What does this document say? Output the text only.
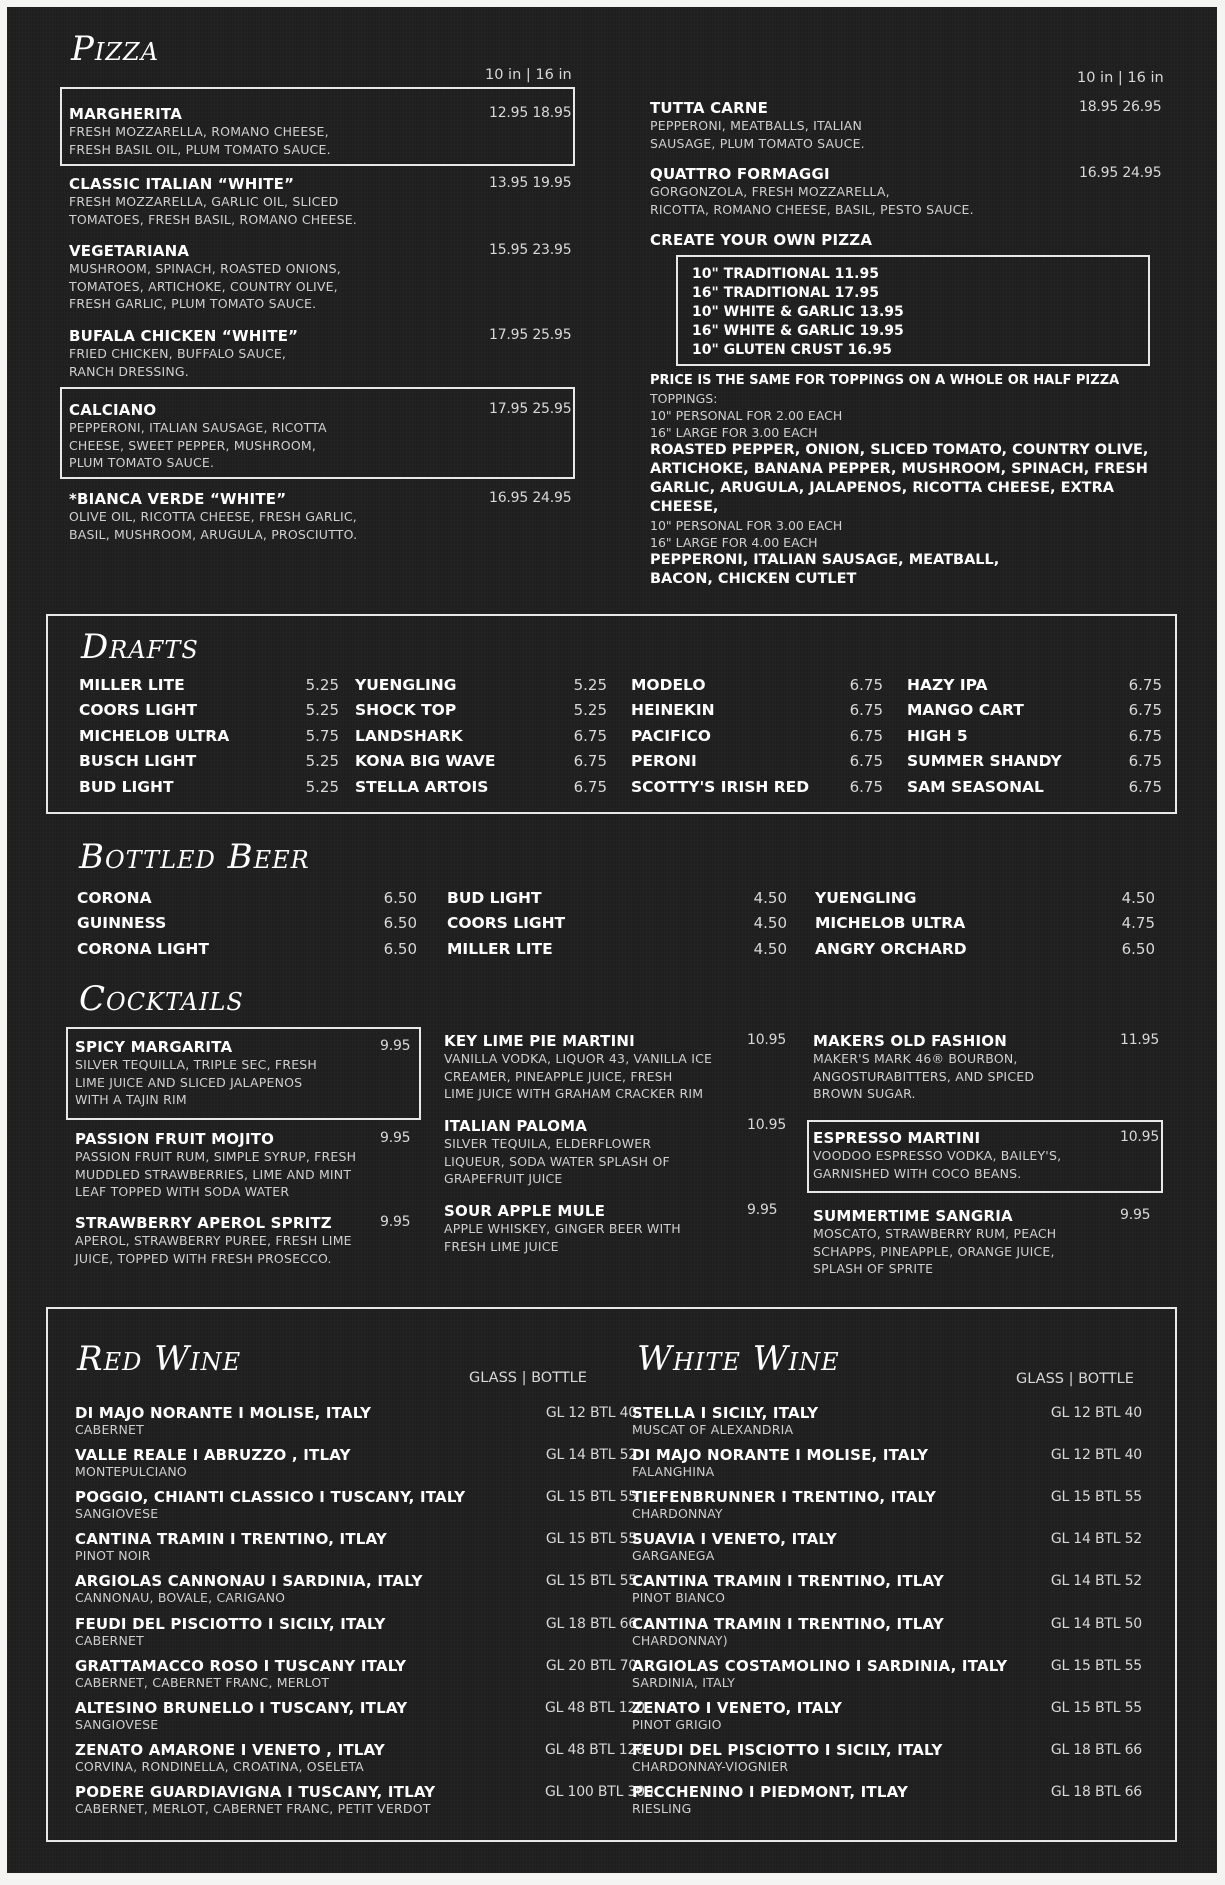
Pizza
10 in | 16 in	10 in | 16 in
MARGHERITA
FRESH MOZZARELLA, ROMANO CHEESE,
FRESH BASIL OIL, PLUM TOMATO SAUCE.
12.95 18.95
CLASSIC ITALIAN “WHITE”
FRESH MOZZARELLA, GARLIC OIL, SLICED
TOMATOES, FRESH BASIL, ROMANO CHEESE.
13.95 19.95
VEGETARIANA
MUSHROOM, SPINACH, ROASTED ONIONS,
TOMATOES, ARTICHOKE, COUNTRY OLIVE,
FRESH GARLIC, PLUM TOMATO SAUCE.
15.95 23.95
BUFALA CHICKEN “WHITE”
FRIED CHICKEN, BUFFALO SAUCE,
RANCH DRESSING.
17.95 25.95
CALCIANO
PEPPERONI, ITALIAN SAUSAGE, RICOTTA
CHEESE, SWEET PEPPER, MUSHROOM,
PLUM TOMATO SAUCE.
17.95 25.95
*BIANCA VERDE “WHITE”
OLIVE OIL, RICOTTA CHEESE, FRESH GARLIC,
BASIL, MUSHROOM, ARUGULA, PROSCIUTTO.
16.95 24.95
TUTTA CARNE
PEPPERONI, MEATBALLS, ITALIAN
SAUSAGE, PLUM TOMATO SAUCE.
18.95 26.95
QUATTRO FORMAGGI
GORGONZOLA, FRESH MOZZARELLA,
RICOTTA, ROMANO CHEESE, BASIL, PESTO SAUCE.
16.95 24.95
CREATE YOUR OWN PIZZA
10" TRADITIONAL 11.95
16" TRADITIONAL 17.95
10" WHITE & GARLIC 13.95
16" WHITE & GARLIC 19.95
10" GLUTEN CRUST 16.95
PRICE IS THE SAME FOR TOPPINGS ON A WHOLE OR HALF PIZZA
TOPPINGS:
10" PERSONAL FOR 2.00 EACH
16" LARGE FOR 3.00 EACH
ROASTED PEPPER, ONION, SLICED TOMATO, COUNTRY OLIVE,
ARTICHOKE, BANANA PEPPER, MUSHROOM, SPINACH, FRESH
GARLIC, ARUGULA, JALAPENOS, RICOTTA CHEESE, EXTRA
CHEESE,
10" PERSONAL FOR 3.00 EACH
16" LARGE FOR 4.00 EACH
PEPPERONI, ITALIAN SAUSAGE, MEATBALL,
BACON, CHICKEN CUTLET
Drafts
MILLER LITE	5.25
COORS LIGHT	5.25
MICHELOB ULTRA	5.75
BUSCH LIGHT	5.25
BUD LIGHT	5.25
YUENGLING	5.25
SHOCK TOP	5.25
LANDSHARK	6.75
KONA BIG WAVE	6.75
STELLA ARTOIS	6.75
MODELO	6.75
HEINEKIN	6.75
PACIFICO	6.75
PERONI	6.75
SCOTTY'S IRISH RED	6.75
HAZY IPA	6.75
MANGO CART	6.75
HIGH 5	6.75
SUMMER SHANDY	6.75
SAM SEASONAL	6.75
Bottled Beer
CORONA	6.50
GUINNESS	6.50
CORONA LIGHT	6.50
BUD LIGHT	4.50
COORS LIGHT	4.50
MILLER LITE	4.50
YUENGLING	4.50
MICHELOB ULTRA	4.75
ANGRY ORCHARD	6.50
Cocktails
SPICY MARGARITA
SILVER TEQUILLA, TRIPLE SEC, FRESH
LIME JUICE AND SLICED JALAPENOS
WITH A TAJIN RIM
9.95
PASSION FRUIT MOJITO
PASSION FRUIT RUM, SIMPLE SYRUP, FRESH
MUDDLED STRAWBERRIES, LIME AND MINT
LEAF TOPPED WITH SODA WATER
9.95
STRAWBERRY APEROL SPRITZ
APEROL, STRAWBERRY PUREE, FRESH LIME
JUICE, TOPPED WITH FRESH PROSECCO.
9.95
KEY LIME PIE MARTINI
VANILLA VODKA, LIQUOR 43, VANILLA ICE
CREAMER, PINEAPPLE JUICE, FRESH
LIME JUICE WITH GRAHAM CRACKER RIM
10.95
ITALIAN PALOMA
SILVER TEQUILA, ELDERFLOWER
LIQUEUR, SODA WATER SPLASH OF
GRAPEFRUIT JUICE
10.95
SOUR APPLE MULE
APPLE WHISKEY, GINGER BEER WITH
FRESH LIME JUICE
9.95
MAKERS OLD FASHION
MAKER'S MARK 46® BOURBON,
ANGOSTURABITTERS, AND SPICED
BROWN SUGAR.
11.95
ESPRESSO MARTINI
VOODOO ESPRESSO VODKA, BAILEY'S,
GARNISHED WITH COCO BEANS.
10.95
SUMMERTIME SANGRIA
MOSCATO, STRAWBERRY RUM, PEACH
SCHAPPS, PINEAPPLE, ORANGE JUICE,
SPLASH OF SPRITE
9.95
Red Wine	GLASS | BOTTLE White Wine	GLASS | BOTTLE
DI MAJO NORANTE I MOLISE, ITALY
CABERNET
GL 12 BTL 40
VALLE REALE I ABRUZZO , ITLAY
MONTEPULCIANO
GL 14 BTL 52
POGGIO, CHIANTI CLASSICO I TUSCANY, ITALY
SANGIOVESE
GL 15 BTL 55
CANTINA TRAMIN I TRENTINO, ITLAY
PINOT NOIR
GL 15 BTL 55
ARGIOLAS CANNONAU I SARDINIA, ITALY
CANNONAU, BOVALE, CARIGANO
GL 15 BTL 55
FEUDI DEL PISCIOTTO I SICILY, ITALY
CABERNET
GL 18 BTL 66
GRATTAMACCO ROSO I TUSCANY ITALY
CABERNET, CABERNET FRANC, MERLOT
GL 20 BTL 70
ALTESINO BRUNELLO I TUSCANY, ITLAY
SANGIOVESE
GL 48 BTL 120
ZENATO AMARONE I VENETO , ITLAY
CORVINA, RONDINELLA, CROATINA, OSELETA
GL 48 BTL 120
PODERE GUARDIAVIGNA I TUSCANY, ITLAY
CABERNET, MERLOT, CABERNET FRANC, PETIT VERDOT
GL 100 BTL 300
STELLA I SICILY, ITALY
MUSCAT OF ALEXANDRIA
GL 12 BTL 40
DI MAJO NORANTE I MOLISE, ITALY
FALANGHINA
GL 12 BTL 40
TIEFENBRUNNER I TRENTINO, ITALY
CHARDONNAY
GL 15 BTL 55
SUAVIA I VENETO, ITALY
GARGANEGA
GL 14 BTL 52
CANTINA TRAMIN I TRENTINO, ITLAY
PINOT BIANCO
GL 14 BTL 52
CANTINA TRAMIN I TRENTINO, ITLAY
CHARDONNAY)
GL 14 BTL 50
ARGIOLAS COSTAMOLINO I SARDINIA, ITALY
SARDINIA, ITALY
GL 15 BTL 55
ZENATO I VENETO, ITALY
PINOT GRIGIO
GL 15 BTL 55
FEUDI DEL PISCIOTTO I SICILY, ITALY
CHARDONNAY-VIOGNIER
GL 18 BTL 66
PECCHENINO I PIEDMONT, ITLAY
RIESLING
GL 18 BTL 66
